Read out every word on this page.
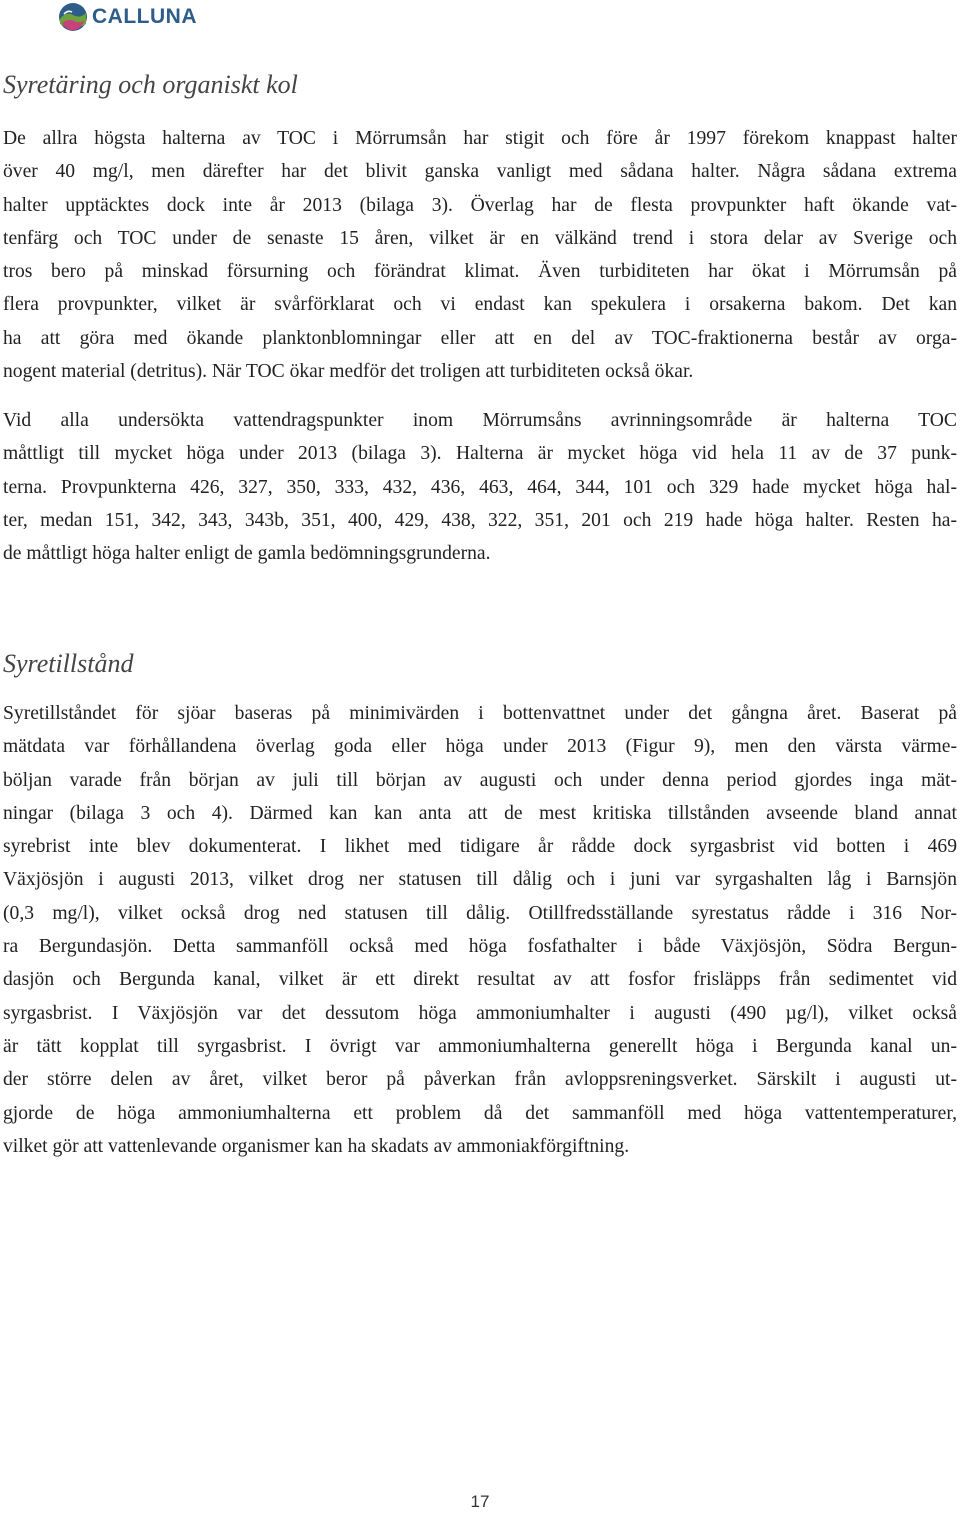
CALLUNA
Syretäring och organiskt kol

De allra högsta halterna av TOC i Mörrumsån har stigit och före år 1997 förekom knappast halter
över 40 mg/l, men därefter har det blivit ganska vanligt med sådana halter. Några sådana extrema
halter upptäcktes dock inte år 2013 (bilaga 3). Överlag har de flesta provpunkter haft ökande vat-
tenfärg och TOC under de senaste 15 åren, vilket är en välkänd trend i stora delar av Sverige och
tros bero på minskad försurning och förändrat klimat. Även turbiditeten har ökat i Mörrumsån på
flera provpunkter, vilket är svårförklarat och vi endast kan spekulera i orsakerna bakom. Det kan
ha att göra med ökande planktonblomningar eller att en del av TOC-fraktionerna består av orga-
nogent material (detritus). När TOC ökar medför det troligen att turbiditeten också ökar.

Vid alla undersökta vattendragspunkter inom Mörrumsåns avrinningsområde är halterna TOC
måttligt till mycket höga under 2013 (bilaga 3). Halterna är mycket höga vid hela 11 av de 37 punk-
terna. Provpunkterna 426, 327, 350, 333, 432, 436, 463, 464, 344, 101 och 329 hade mycket höga hal-
ter, medan 151, 342, 343, 343b, 351, 400, 429, 438, 322, 351, 201 och 219 hade höga halter. Resten ha-
de måttligt höga halter enligt de gamla bedömningsgrunderna.

Syretillstånd

Syretillståndet för sjöar baseras på minimivärden i bottenvattnet under det gångna året. Baserat på
mätdata var förhållandena överlag goda eller höga under 2013 (Figur 9), men den värsta värme-
böljan varade från början av juli till början av augusti och under denna period gjordes inga mät-
ningar (bilaga 3 och 4). Därmed kan kan anta att de mest kritiska tillstånden avseende bland annat
syrebrist inte blev dokumenterat. I likhet med tidigare år rådde dock syrgasbrist vid botten i 469
Växjösjön i augusti 2013, vilket drog ner statusen till dålig och i juni var syrgashalten låg i Barnsjön
(0,3 mg/l), vilket också drog ned statusen till dålig. Otillfredsställande syrestatus rådde i 316 Nor-
ra Bergundasjön. Detta sammanföll också med höga fosfathalter i både Växjösjön, Södra Bergun-
dasjön och Bergunda kanal, vilket är ett direkt resultat av att fosfor frisläpps från sedimentet vid
syrgasbrist. I Växjösjön var det dessutom höga ammoniumhalter i augusti (490 µg/l), vilket också
är tätt kopplat till syrgasbrist. I övrigt var ammoniumhalterna generellt höga i Bergunda kanal un-
der större delen av året, vilket beror på påverkan från avloppsreningsverket. Särskilt i augusti ut-
gjorde de höga ammoniumhalterna ett problem då det sammanföll med höga vattentemperaturer,
vilket gör att vattenlevande organismer kan ha skadats av ammoniakförgiftning.

17
